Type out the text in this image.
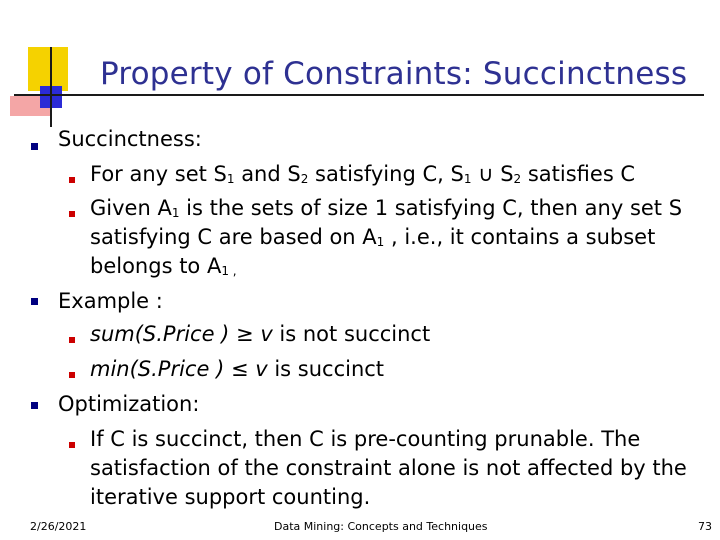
Property of Constraints: Succinctness
Succinctness:
For any set $S_1$ and $S_2$ satisfying C, $S_1$ ∪ $S_2$ satisfies C
Given $A_1$ is the sets of size 1 satisfying C, then any set S
satisfying C are based on $A_1$ , i.e., it contains a subset
belongs to $A_{1 ,}$
Example :
sum(S.Price ) ≥ v is not succinct
min(S.Price ) ≤ v is succinct
Optimization:
If C is succinct, then C is pre-counting prunable. The
satisfaction of the constraint alone is not affected by the
iterative support counting.
2/26/2021	Data Mining: Concepts and Techniques	73
